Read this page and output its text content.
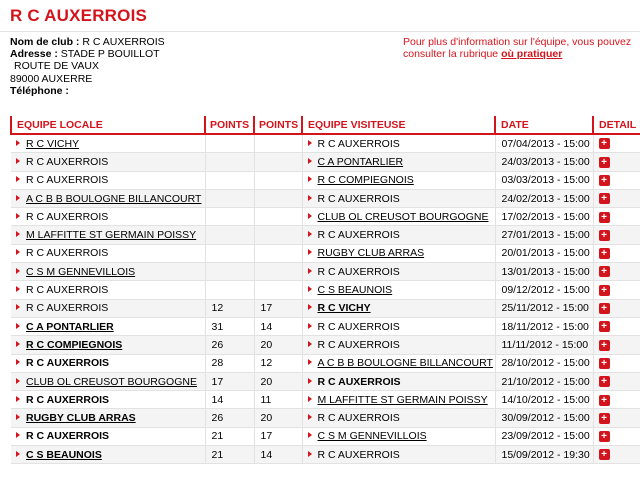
R C AUXERROIS
Nom de club : R C AUXERROIS
Adresse : STADE P BOUILLOT
ROUTE DE VAUX
89000 AUXERRE
Téléphone :
Pour plus d'information sur l'équipe, vous pouvez consulter la rubrique où pratiquer
EQUIPE LOCALE	POINTS	POINTS	EQUIPE VISITEUSE	DATE	DETAIL
R C VICHY			R C AUXERROIS	07/04/2013 - 15:00	+
R C AUXERROIS			C A PONTARLIER	24/03/2013 - 15:00	+
R C AUXERROIS			R C COMPIEGNOIS	03/03/2013 - 15:00	+
A C B B BOULOGNE BILLANCOURT			R C AUXERROIS	24/02/2013 - 15:00	+
R C AUXERROIS			CLUB OL CREUSOT BOURGOGNE	17/02/2013 - 15:00	+
M LAFFITTE ST GERMAIN POISSY			R C AUXERROIS	27/01/2013 - 15:00	+
R C AUXERROIS			RUGBY CLUB ARRAS	20/01/2013 - 15:00	+
C S M GENNEVILLOIS			R C AUXERROIS	13/01/2013 - 15:00	+
R C AUXERROIS			C S BEAUNOIS	09/12/2012 - 15:00	+
R C AUXERROIS	12	17	R C VICHY	25/11/2012 - 15:00	+
C A PONTARLIER	31	14	R C AUXERROIS	18/11/2012 - 15:00	+
R C COMPIEGNOIS	26	20	R C AUXERROIS	11/11/2012 - 15:00	+
R C AUXERROIS	28	12	A C B B BOULOGNE BILLANCOURT	28/10/2012 - 15:00	+
CLUB OL CREUSOT BOURGOGNE	17	20	R C AUXERROIS	21/10/2012 - 15:00	+
R C AUXERROIS	14	11	M LAFFITTE ST GERMAIN POISSY	14/10/2012 - 15:00	+
RUGBY CLUB ARRAS	26	20	R C AUXERROIS	30/09/2012 - 15:00	+
R C AUXERROIS	21	17	C S M GENNEVILLOIS	23/09/2012 - 15:00	+
C S BEAUNOIS	21	14	R C AUXERROIS	15/09/2012 - 19:30	+
